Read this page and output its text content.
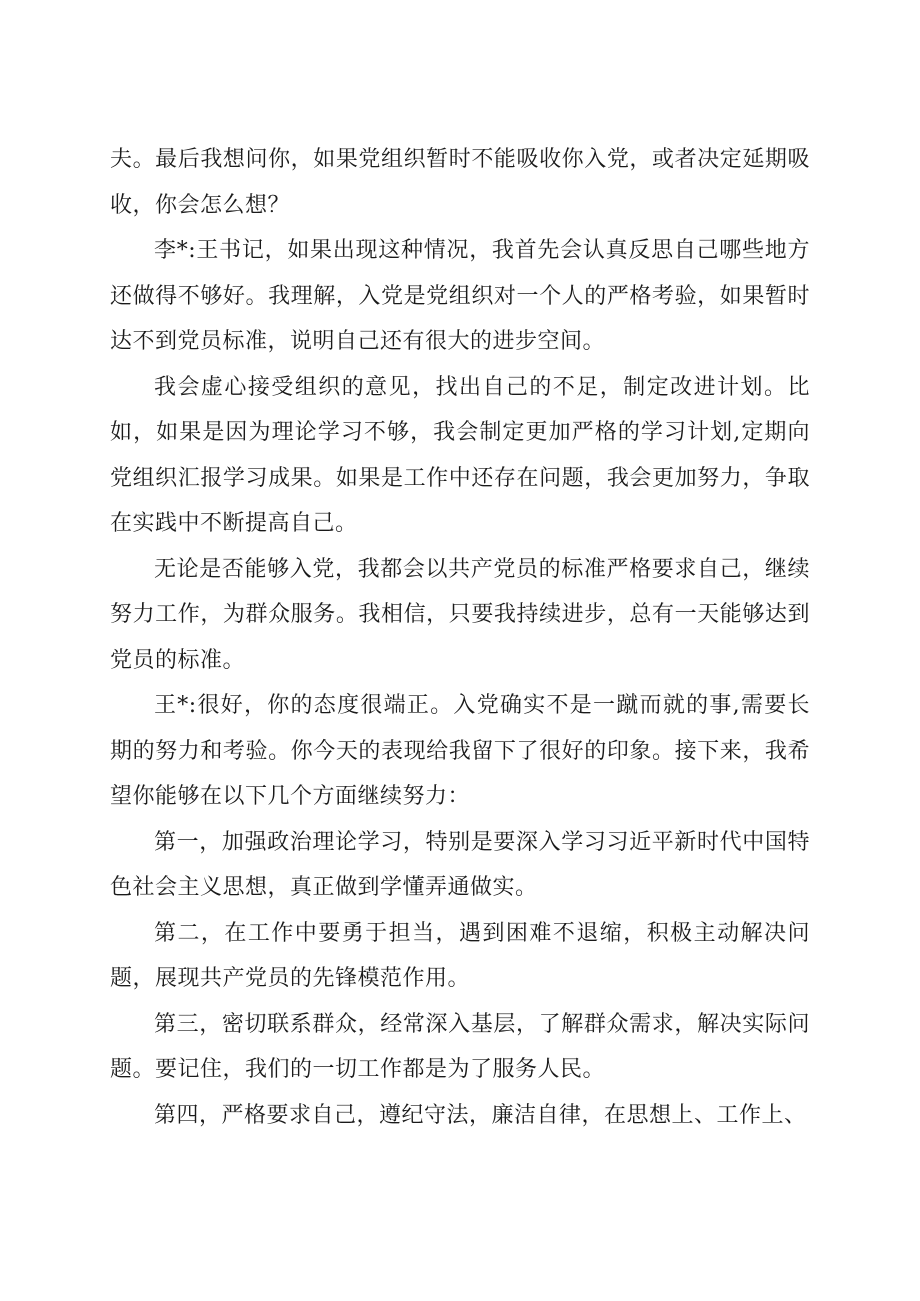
夫。最后我想问你，如果党组织暂时不能吸收你入党，或者决定延期吸收，你会怎么想？

李*:王书记，如果出现这种情况，我首先会认真反思自己哪些地方还做得不够好。我理解，入党是党组织对一个人的严格考验，如果暂时达不到党员标准，说明自己还有很大的进步空间。

我会虚心接受组织的意见，找出自己的不足，制定改进计划。比如，如果是因为理论学习不够，我会制定更加严格的学习计划,定期向党组织汇报学习成果。如果是工作中还存在问题，我会更加努力，争取在实践中不断提高自己。

无论是否能够入党，我都会以共产党员的标准严格要求自己，继续努力工作，为群众服务。我相信，只要我持续进步，总有一天能够达到党员的标准。

王*:很好，你的态度很端正。入党确实不是一蹴而就的事,需要长期的努力和考验。你今天的表现给我留下了很好的印象。接下来，我希望你能够在以下几个方面继续努力：

第一，加强政治理论学习，特别是要深入学习习近平新时代中国特色社会主义思想，真正做到学懂弄通做实。

第二，在工作中要勇于担当，遇到困难不退缩，积极主动解决问题，展现共产党员的先锋模范作用。

第三，密切联系群众，经常深入基层，了解群众需求，解决实际问题。要记住，我们的一切工作都是为了服务人民。

第四，严格要求自己，遵纪守法，廉洁自律，在思想上、工作上、
